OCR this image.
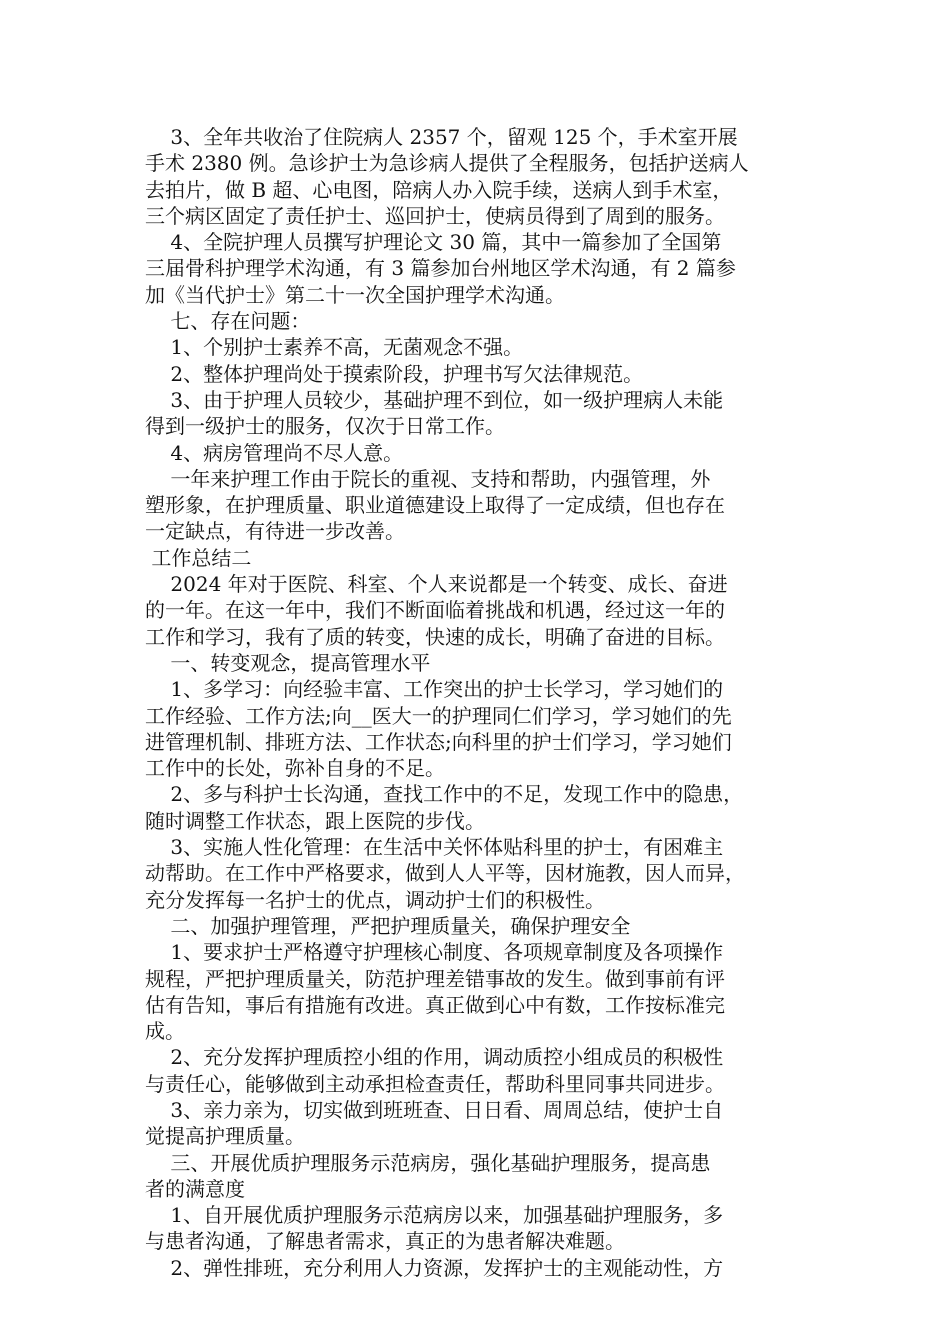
3、全年共收治了住院病人 2357 个，留观 125 个，手术室开展
手术 2380 例。急诊护士为急诊病人提供了全程服务，包括护送病人
去拍片，做 B 超、心电图，陪病人办入院手续，送病人到手术室，
三个病区固定了责任护士、巡回护士，使病员得到了周到的服务。
4、全院护理人员撰写护理论文 30 篇，其中一篇参加了全国第
三届骨科护理学术沟通，有 3 篇参加台州地区学术沟通，有 2 篇参
加《当代护士》第二十一次全国护理学术沟通。
七、存在问题：
1、个别护士素养不高，无菌观念不强。
2、整体护理尚处于摸索阶段，护理书写欠法律规范。
3、由于护理人员较少，基础护理不到位，如一级护理病人未能
得到一级护士的服务，仅次于日常工作。
4、病房管理尚不尽人意。
一年来护理工作由于院长的重视、支持和帮助，内强管理，外
塑形象，在护理质量、职业道德建设上取得了一定成绩，但也存在
一定缺点，有待进一步改善。
工作总结二
2024 年对于医院、科室、个人来说都是一个转变、成长、奋进
的一年。在这一年中，我们不断面临着挑战和机遇，经过这一年的
工作和学习，我有了质的转变，快速的成长，明确了奋进的目标。
一、转变观念，提高管理水平
1、多学习：向经验丰富、工作突出的护士长学习，学习她们的
工作经验、工作方法;向__医大一的护理同仁们学习，学习她们的先
进管理机制、排班方法、工作状态;向科里的护士们学习，学习她们
工作中的长处，弥补自身的不足。
2、多与科护士长沟通，查找工作中的不足，发现工作中的隐患，
随时调整工作状态，跟上医院的步伐。
3、实施人性化管理：在生活中关怀体贴科里的护士，有困难主
动帮助。在工作中严格要求，做到人人平等，因材施教，因人而异，
充分发挥每一名护士的优点，调动护士们的积极性。
二、加强护理管理，严把护理质量关，确保护理安全
1、要求护士严格遵守护理核心制度、各项规章制度及各项操作
规程，严把护理质量关，防范护理差错事故的发生。做到事前有评
估有告知，事后有措施有改进。真正做到心中有数，工作按标准完
成。
2、充分发挥护理质控小组的作用，调动质控小组成员的积极性
与责任心，能够做到主动承担检查责任，帮助科里同事共同进步。
3、亲力亲为，切实做到班班查、日日看、周周总结，使护士自
觉提高护理质量。
三、开展优质护理服务示范病房，强化基础护理服务，提高患
者的满意度
1、自开展优质护理服务示范病房以来，加强基础护理服务，多
与患者沟通，了解患者需求，真正的为患者解决难题。
2、弹性排班，充分利用人力资源，发挥护士的主观能动性，方
